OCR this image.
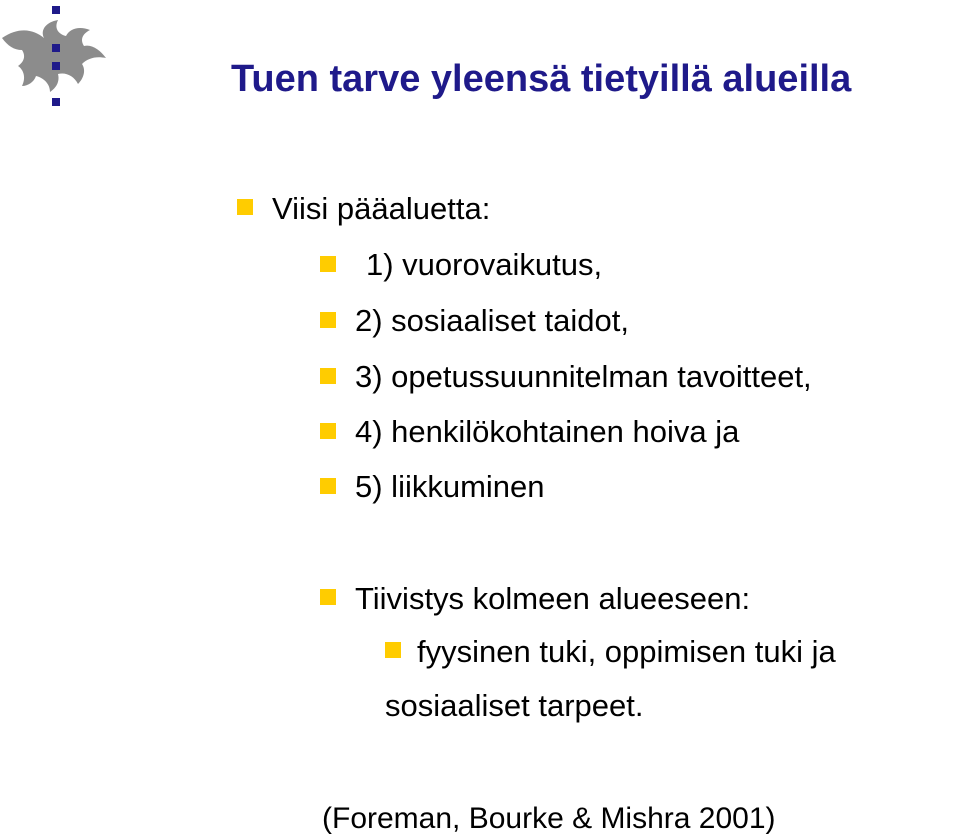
Tuen tarve yleensä tietyillä alueilla
Viisi pääaluetta:
1) vuorovaikutus,
2) sosiaaliset taidot,
3) opetussuunnitelman tavoitteet,
4) henkilökohtainen hoiva ja
5) liikkuminen
Tiivistys kolmeen alueeseen:
fyysinen tuki, oppimisen tuki ja
sosiaaliset tarpeet.
(Foreman, Bourke & Mishra 2001)
